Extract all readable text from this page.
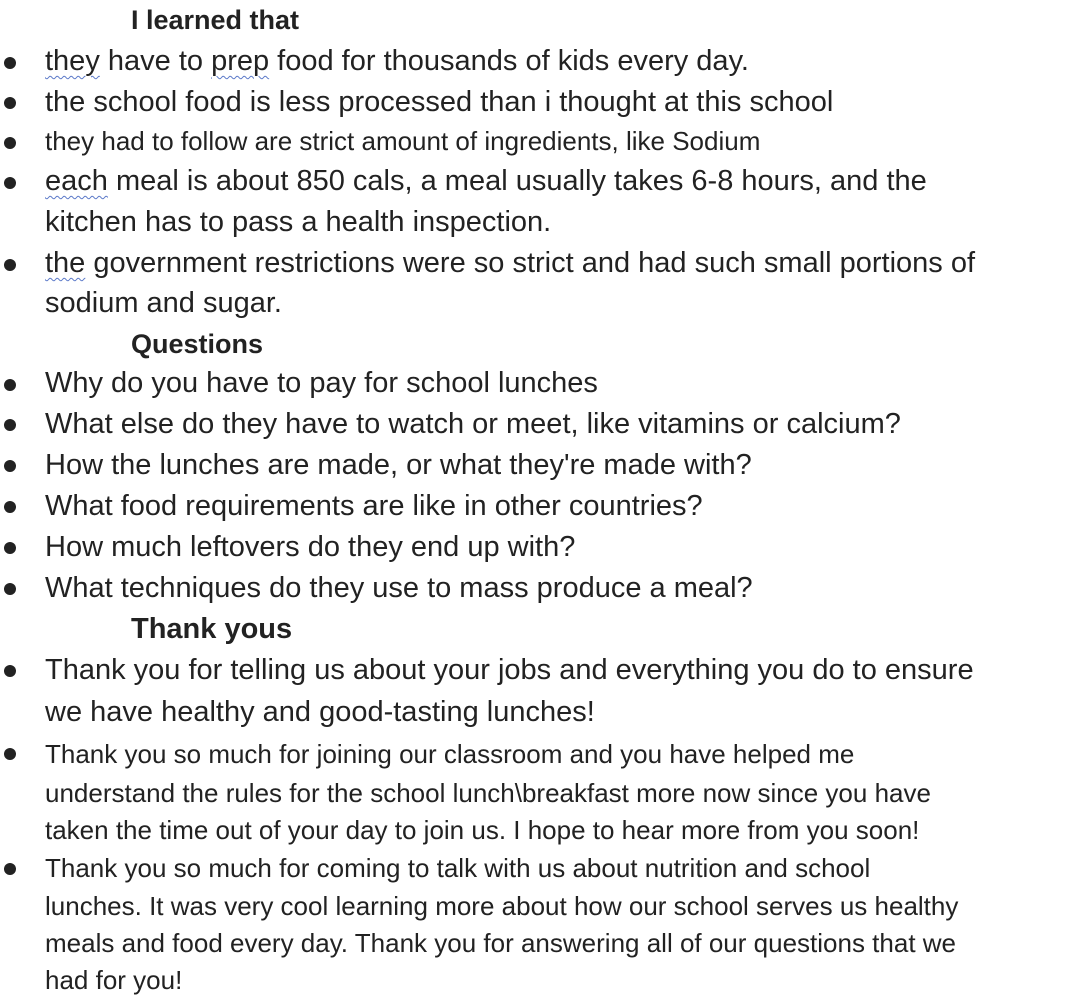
I learned that
they have to prep food for thousands of kids every day.
the school food is less processed than i thought at this school
they had to follow are strict amount of ingredients, like Sodium
each meal is about 850 cals, a meal usually takes 6-8 hours, and the
kitchen has to pass a health inspection.
the government restrictions were so strict and had such small portions of
sodium and sugar.
Questions
Why do you have to pay for school lunches
What else do they have to watch or meet, like vitamins or calcium?
How the lunches are made, or what they're made with?
What food requirements are like in other countries?
How much leftovers do they end up with?
What techniques do they use to mass produce a meal?
Thank yous
Thank you for telling us about your jobs and everything you do to ensure
we have healthy and good-tasting lunches!
Thank you so much for joining our classroom and you have helped me
understand the rules for the school lunch\breakfast more now since you have
taken the time out of your day to join us. I hope to hear more from you soon!
Thank you so much for coming to talk with us about nutrition and school
lunches. It was very cool learning more about how our school serves us healthy
meals and food every day. Thank you for answering all of our questions that we
had for you!
